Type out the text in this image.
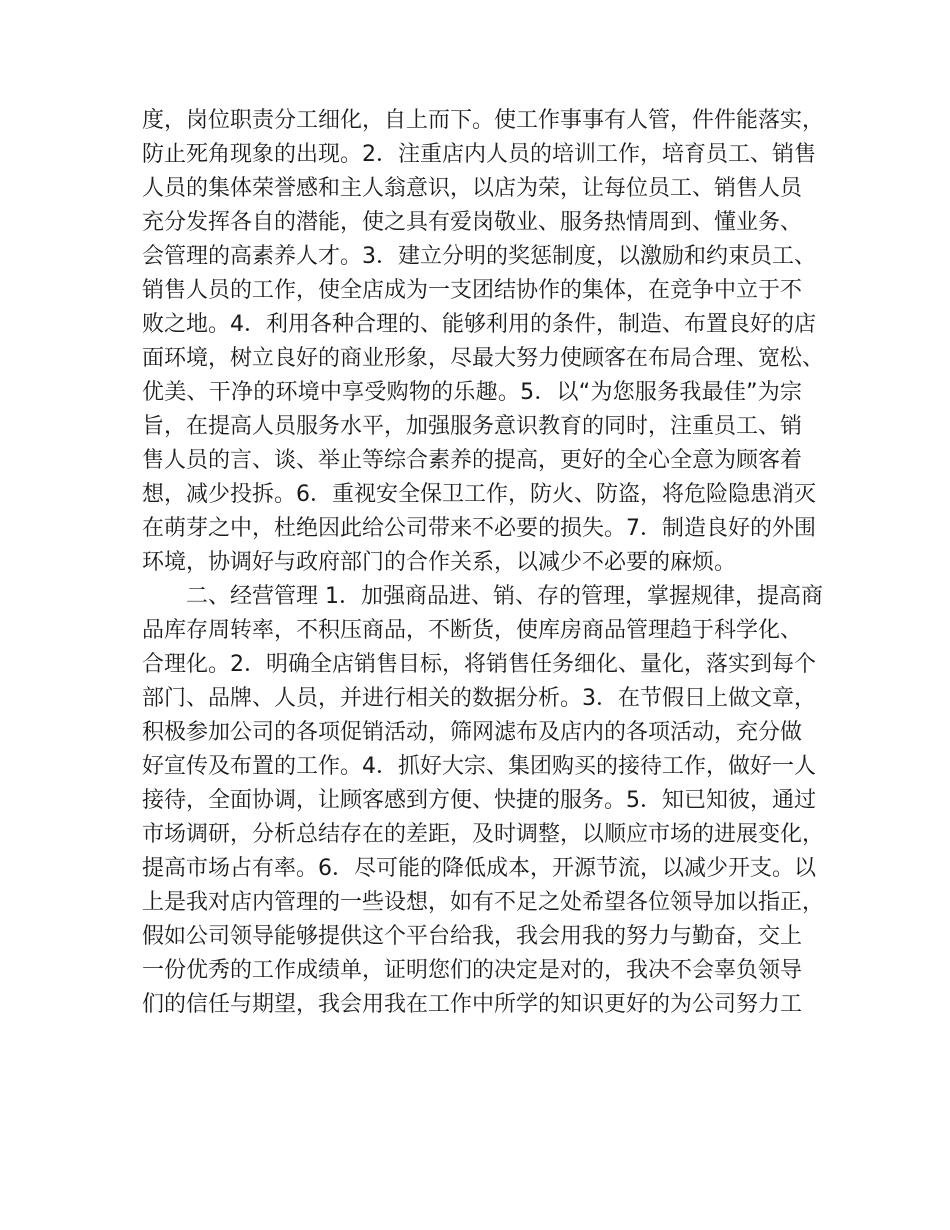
度，岗位职责分工细化，自上而下。使工作事事有人管，件件能落实，
防止死角现象的出现。2．注重店内人员的培训工作，培育员工、销售
人员的集体荣誉感和主人翁意识，以店为荣，让每位员工、销售人员
充分发挥各自的潜能，使之具有爱岗敬业、服务热情周到、懂业务、
会管理的高素养人才。3．建立分明的奖惩制度，以激励和约束员工、
销售人员的工作，使全店成为一支团结协作的集体，在竞争中立于不
败之地。4．利用各种合理的、能够利用的条件，制造、布置良好的店
面环境，树立良好的商业形象，尽最大努力使顾客在布局合理、宽松、
优美、干净的环境中享受购物的乐趣。5．以“为您服务我最佳”为宗
旨，在提高人员服务水平，加强服务意识教育的同时，注重员工、销
售人员的言、谈、举止等综合素养的提高，更好的全心全意为顾客着
想，减少投拆。6．重视安全保卫工作，防火、防盗，将危险隐患消灭
在萌芽之中，杜绝因此给公司带来不必要的损失。7．制造良好的外围
环境，协调好与政府部门的合作关系，以减少不必要的麻烦。
二、经营管理 1．加强商品进、销、存的管理，掌握规律，提高商
品库存周转率，不积压商品，不断货，使库房商品管理趋于科学化、
合理化。2．明确全店销售目标，将销售任务细化、量化，落实到每个
部门、品牌、人员，并进行相关的数据分析。3．在节假日上做文章，
积极参加公司的各项促销活动，筛网滤布及店内的各项活动，充分做
好宣传及布置的工作。4．抓好大宗、集团购买的接待工作，做好一人
接待，全面协调，让顾客感到方便、快捷的服务。5．知已知彼，通过
市场调研，分析总结存在的差距，及时调整，以顺应市场的进展变化，
提高市场占有率。6．尽可能的降低成本，开源节流，以减少开支。以
上是我对店内管理的一些设想，如有不足之处希望各位领导加以指正，
假如公司领导能够提供这个平台给我，我会用我的努力与勤奋，交上
一份优秀的工作成绩单，证明您们的决定是对的，我决不会辜负领导
们的信任与期望，我会用我在工作中所学的知识更好的为公司努力工
